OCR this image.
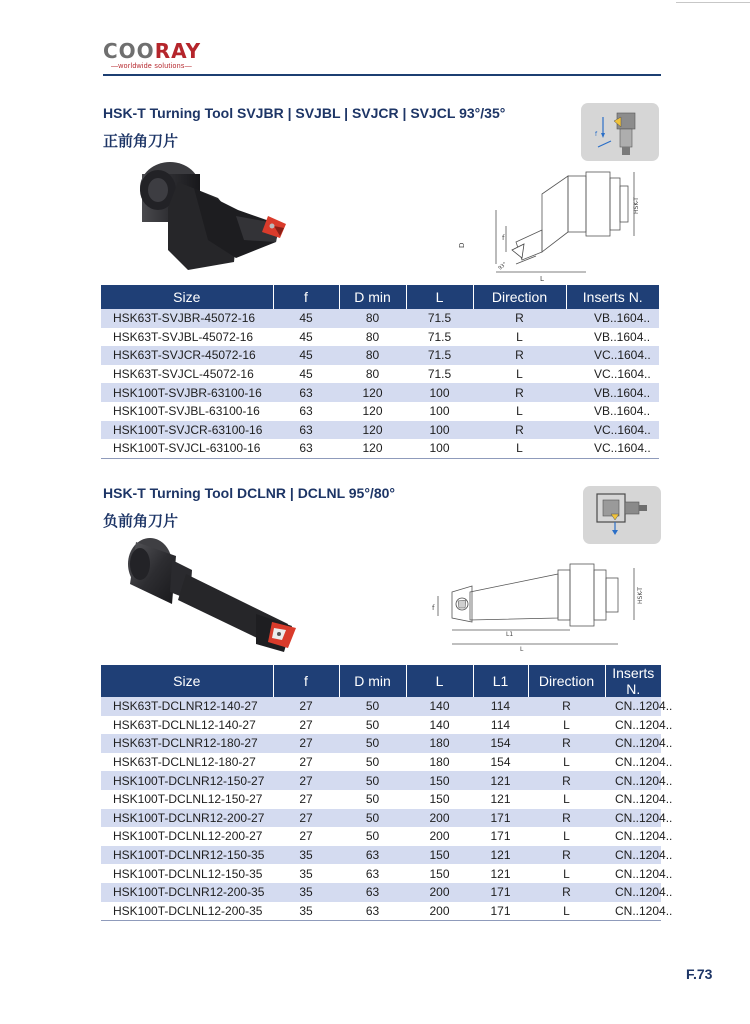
COORAY
—worldwide solutions—
HSK-T Turning Tool SVJBR | SVJBL | SVJCR | SVJCL 93°/35°
正前角刀片	f
D
f
L
HSK-T
93°
Size	f	D min	L	Direction	Inserts N.
HSK63T-SVJBR-45072-16	45	80	71.5	R	VB..1604..
HSK63T-SVJBL-45072-16	45	80	71.5	L	VB..1604..
HSK63T-SVJCR-45072-16	45	80	71.5	R	VC..1604..
HSK63T-SVJCL-45072-16	45	80	71.5	L	VC..1604..
HSK100T-SVJBR-63100-16	63	120	100	R	VB..1604..
HSK100T-SVJBL-63100-16	63	120	100	L	VB..1604..
HSK100T-SVJCR-63100-16	63	120	100	R	VC..1604..
HSK100T-SVJCL-63100-16	63	120	100	L	VC..1604..
HSK-T Turning Tool DCLNR | DCLNL 95°/80°
负前角刀片
f
L1
L
HSK-T
Size	f	D min	L	L1	Direction	Inserts N.
HSK63T-DCLNR12-140-27	27	50	140	114	R	CN..1204..
HSK63T-DCLNL12-140-27	27	50	140	114	L	CN..1204..
HSK63T-DCLNR12-180-27	27	50	180	154	R	CN..1204..
HSK63T-DCLNL12-180-27	27	50	180	154	L	CN..1204..
HSK100T-DCLNR12-150-27	27	50	150	121	R	CN..1204..
HSK100T-DCLNL12-150-27	27	50	150	121	L	CN..1204..
HSK100T-DCLNR12-200-27	27	50	200	171	R	CN..1204..
HSK100T-DCLNL12-200-27	27	50	200	171	L	CN..1204..
HSK100T-DCLNR12-150-35	35	63	150	121	R	CN..1204..
HSK100T-DCLNL12-150-35	35	63	150	121	L	CN..1204..
HSK100T-DCLNR12-200-35	35	63	200	171	R	CN..1204..
HSK100T-DCLNL12-200-35	35	63	200	171	L	CN..1204..
F.73
